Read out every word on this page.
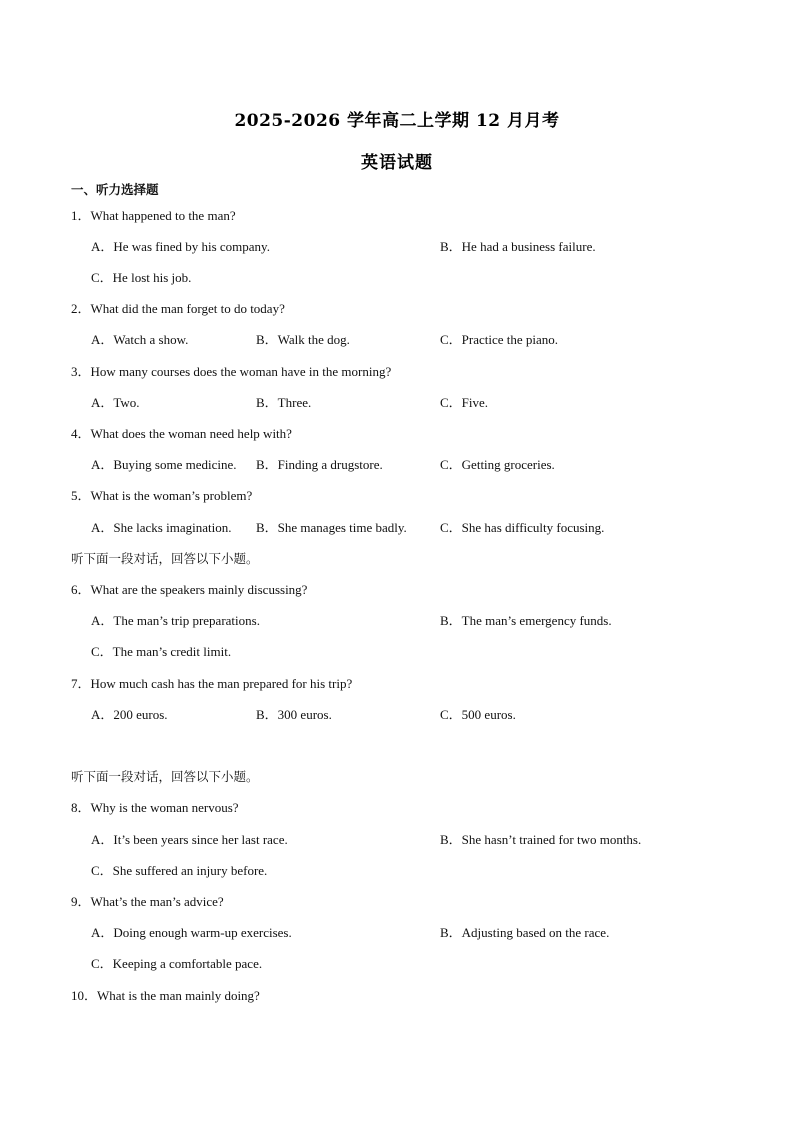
2025-2026 学年高二上学期 12 月月考
英语试题
一、听力选择题
1．What happened to the man?
A．He was fined by his company.	B．He had a business failure.
C．He lost his job.
2．What did the man forget to do today?
A．Watch a show.	B．Walk the dog.	C．Practice the piano.
3．How many courses does the woman have in the morning?
A．Two.	B．Three.	C．Five.
4．What does the woman need help with?
A．Buying some medicine. B．Finding a drugstore.	C．Getting groceries.
5．What is the woman’s problem?
A．She lacks imagination. B．She manages time badly.	C．She has difficulty focusing.
听下面一段对话，回答以下小题。
6．What are the speakers mainly discussing?
A．The man’s trip preparations.	B．The man’s emergency funds.
C．The man’s credit limit.
7．How much cash has the man prepared for his trip?
A．200 euros.	B．300 euros.	C．500 euros.
听下面一段对话，回答以下小题。
8．Why is the woman nervous?
A．It’s been years since her last race.	B．She hasn’t trained for two months.
C．She suffered an injury before.
9．What’s the man’s advice?
A．Doing enough warm-up exercises.	B．Adjusting based on the race.
C．Keeping a comfortable pace.
10．What is the man mainly doing?
